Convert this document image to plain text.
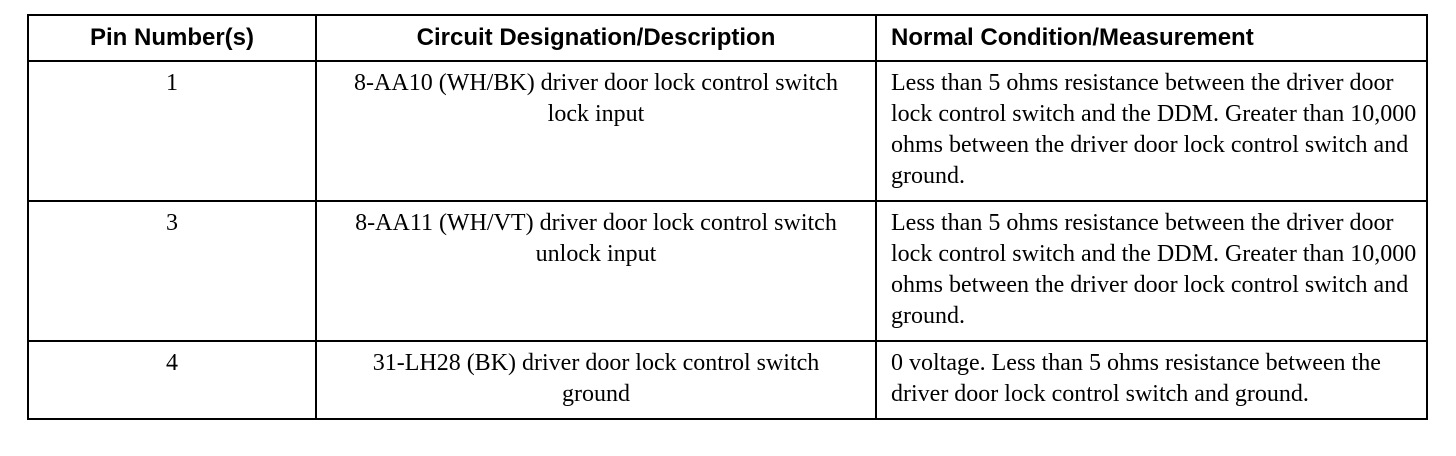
Pin Number(s)	Circuit Designation/Description	Normal Condition/Measurement
1	8-AA10 (WH/BK) driver door lock control switch lock input	Less than 5 ohms resistance between the driver door lock control switch and the DDM. Greater than 10,000 ohms between the driver door lock control switch and ground.
3	8-AA11 (WH/VT) driver door lock control switch unlock input	Less than 5 ohms resistance between the driver door lock control switch and the DDM. Greater than 10,000 ohms between the driver door lock control switch and ground.
4	31-LH28 (BK) driver door lock control switch ground	0 voltage. Less than 5 ohms resistance between the driver door lock control switch and ground.
